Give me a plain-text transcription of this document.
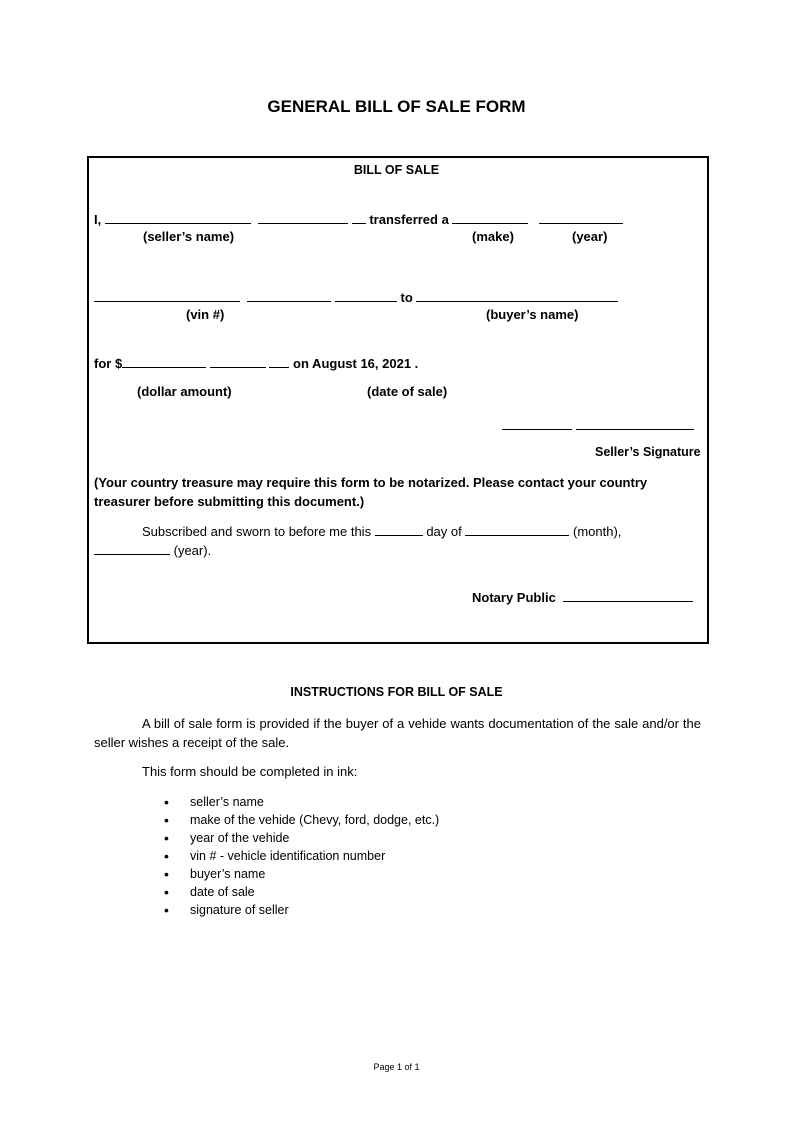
GENERAL BILL OF SALE FORM
BILL OF SALE
I,	transferred a
(seller’s name)	(make)	(year)
to
(vin #)	(buyer’s name)
for $	on August 16, 2021 .
(dollar amount)	(date of sale)

Seller’s Signature
(Your country treasure may require this form to be notarized. Please contact your country treasurer before submitting this document.)
Subscribed and sworn to before me this	day of	(month),
(year).
Notary Public
INSTRUCTIONS FOR BILL OF SALE
A bill of sale form is provided if the buyer of a vehide wants documentation of the sale and/or the seller wishes a receipt of the sale.
This form should be completed in ink:
• seller’s name
• make of the vehide (Chevy, ford, dodge, etc.)
• year of the vehide
• vin # - vehicle identification number
• buyer’s name
• date of sale
• signature of seller
Page 1 of 1
